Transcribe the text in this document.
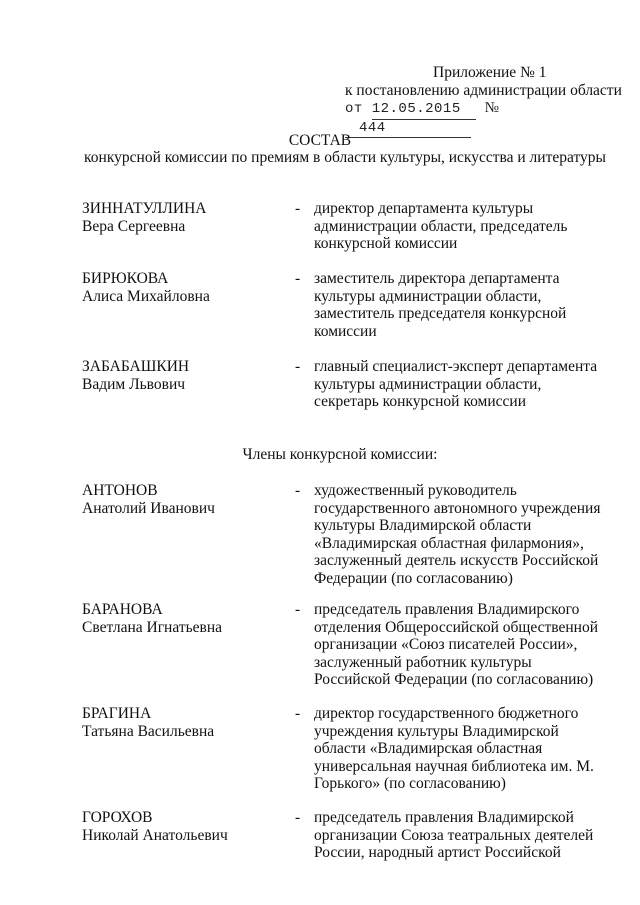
Приложение № 1
к постановлению администрации области
от 12.05.2015 № 444
СОСТАВ
конкурсной комиссии по премиям в области культуры, искусства и литературы
ЗИННАТУЛЛИНА
Вера Сергеевна
- директор департамента культуры
администрации области, председатель
конкурсной комиссии
БИРЮКОВА
Алиса Михайловна
- заместитель директора департамента
культуры администрации области,
заместитель председателя конкурсной
комиссии
ЗАБАБАШКИН
Вадим Львович
- главный специалист-эксперт департамента
культуры администрации области,
секретарь конкурсной комиссии
Члены конкурсной комиссии:
АНТОНОВ
Анатолий Иванович
- художественный руководитель
государственного автономного учреждения
культуры Владимирской области
«Владимирская областная филармония»,
заслуженный деятель искусств Российской
Федерации (по согласованию)
БАРАНОВА
Светлана Игнатьевна
- председатель правления Владимирского
отделения Общероссийской общественной
организации «Союз писателей России»,
заслуженный работник культуры
Российской Федерации (по согласованию)
БРАГИНА
Татьяна Васильевна
- директор государственного бюджетного
учреждения культуры Владимирской
области «Владимирская областная
универсальная научная библиотека им. М.
Горького» (по согласованию)
ГОРОХОВ
Николай Анатольевич
- председатель правления Владимирской
организации Союза театральных деятелей
России, народный артист Российской
